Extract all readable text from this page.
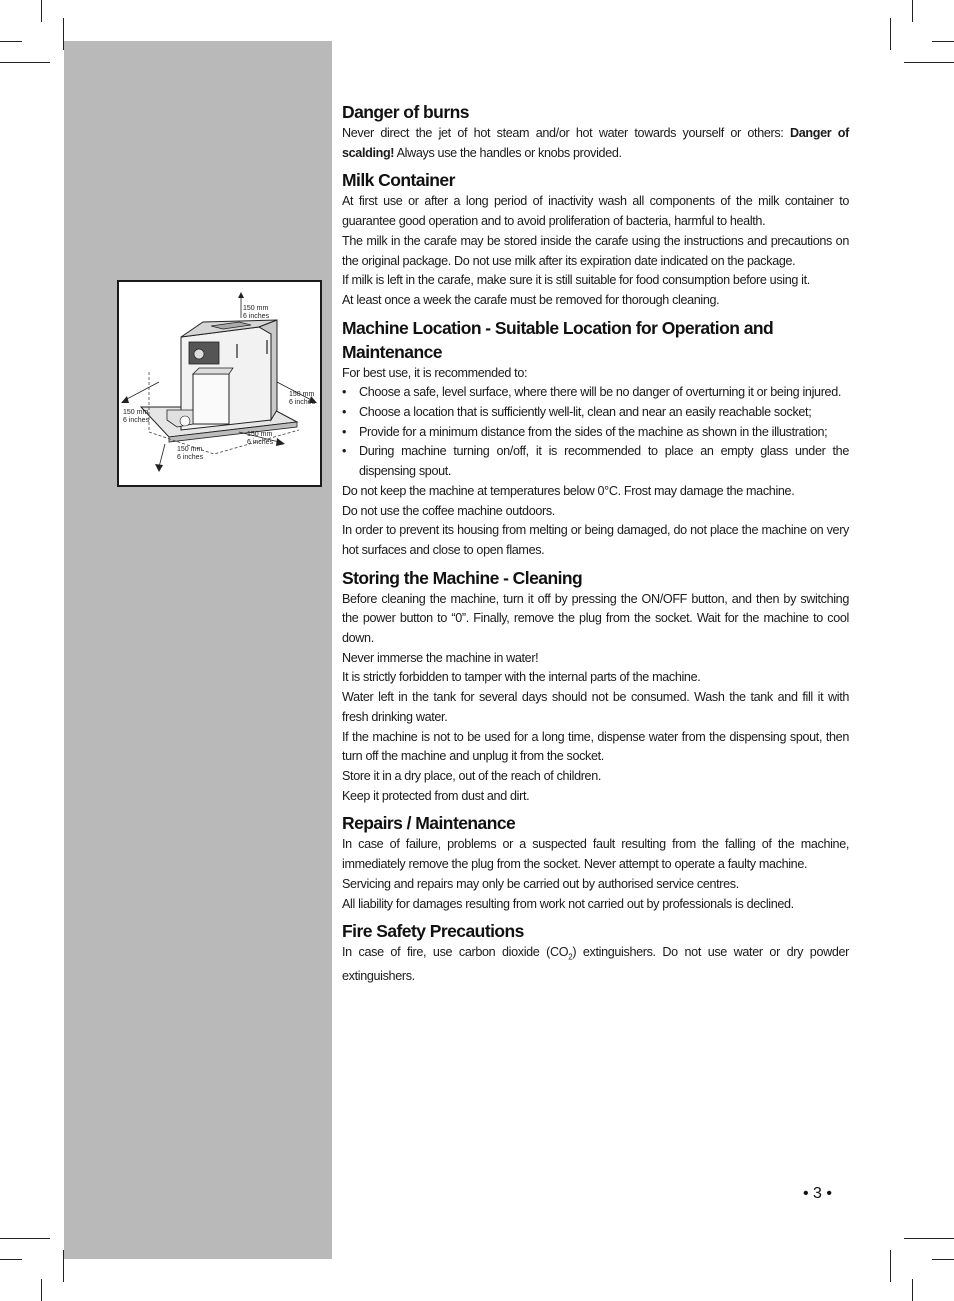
150 mm
6 inches
150 mm
6 inches
150 mm
6 inches
150 mm
6 inches
150 mm
6 inches
Danger of burns

Never direct the jet of hot steam and/or hot water towards yourself or others: Danger of scalding! Always use the handles or knobs provided.

Milk Container

At first use or after a long period of inactivity wash all components of the milk container to guarantee good operation and to avoid proliferation of bacteria, harmful to health.

The milk in the carafe may be stored inside the carafe using the instructions and precautions on the original package. Do not use milk after its expiration date indicated on the package.

If milk is left in the carafe, make sure it is still suitable for food consumption before using it.

At least once a week the carafe must be removed for thorough cleaning.

Machine Location - Suitable Location for Operation and Maintenance

For best use, it is recommended to:

• Choose a safe, level surface, where there will be no danger of overturning it or being injured.
• Choose a location that is sufficiently well-lit, clean and near an easily reachable socket;
• Provide for a minimum distance from the sides of the machine as shown in the illustration;
• During machine turning on/off, it is recommended to place an empty glass under the dispensing spout.

Do not keep the machine at temperatures below 0°C. Frost may damage the machine.

Do not use the coffee machine outdoors.

In order to prevent its housing from melting or being damaged, do not place the machine on very hot surfaces and close to open flames.

Storing the Machine - Cleaning

Before cleaning the machine, turn it off by pressing the ON/OFF button, and then by switching the power button to “0”. Finally, remove the plug from the socket. Wait for the machine to cool down.

Never immerse the machine in water!

It is strictly forbidden to tamper with the internal parts of the machine.

Water left in the tank for several days should not be consumed. Wash the tank and fill it with fresh drinking water.

If the machine is not to be used for a long time, dispense water from the dispensing spout, then turn off the machine and unplug it from the socket.

Store it in a dry place, out of the reach of children.

Keep it protected from dust and dirt.

Repairs / Maintenance

In case of failure, problems or a suspected fault resulting from the falling of the machine, immediately remove the plug from the socket. Never attempt to operate a faulty machine.

Servicing and repairs may only be carried out by authorised service centres.

All liability for damages resulting from work not carried out by professionals is declined.

Fire Safety Precautions

In case of fire, use carbon dioxide $(CO_2)$ extinguishers. Do not use water or dry powder extinguishers.

• 3 •
